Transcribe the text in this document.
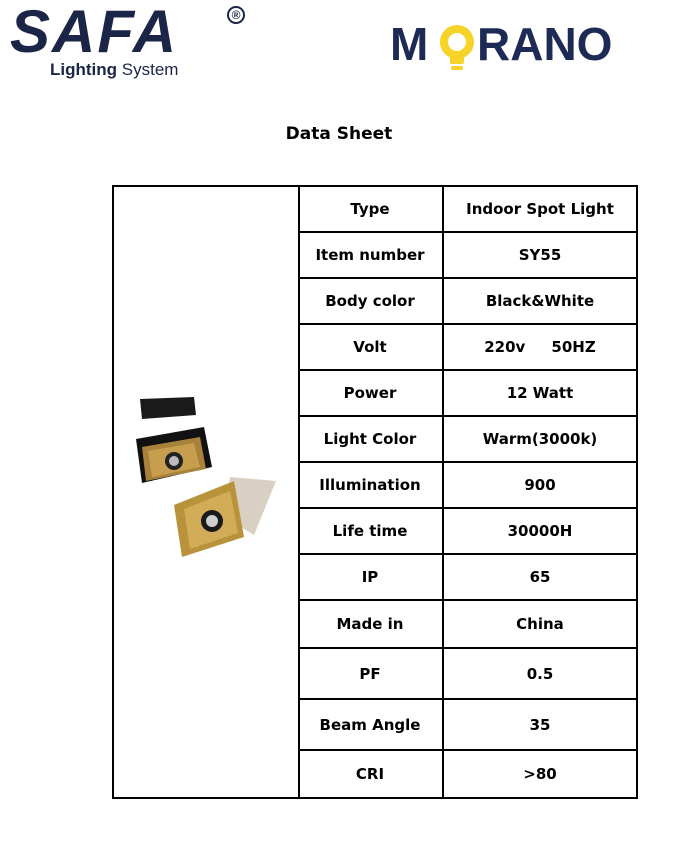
SAFA	®
Lighting System	M RANO
MORANO
Data Sheet
Type	Indoor Spot Light
Item number	SY55
Body color	Black&White
Volt	220v     50HZ
Power	12 Watt
Light Color	Warm(3000k)
Illumination	900
Life time	30000H
IP	65
Made in	China
PF	0.5
Beam Angle	35
CRI	>80
